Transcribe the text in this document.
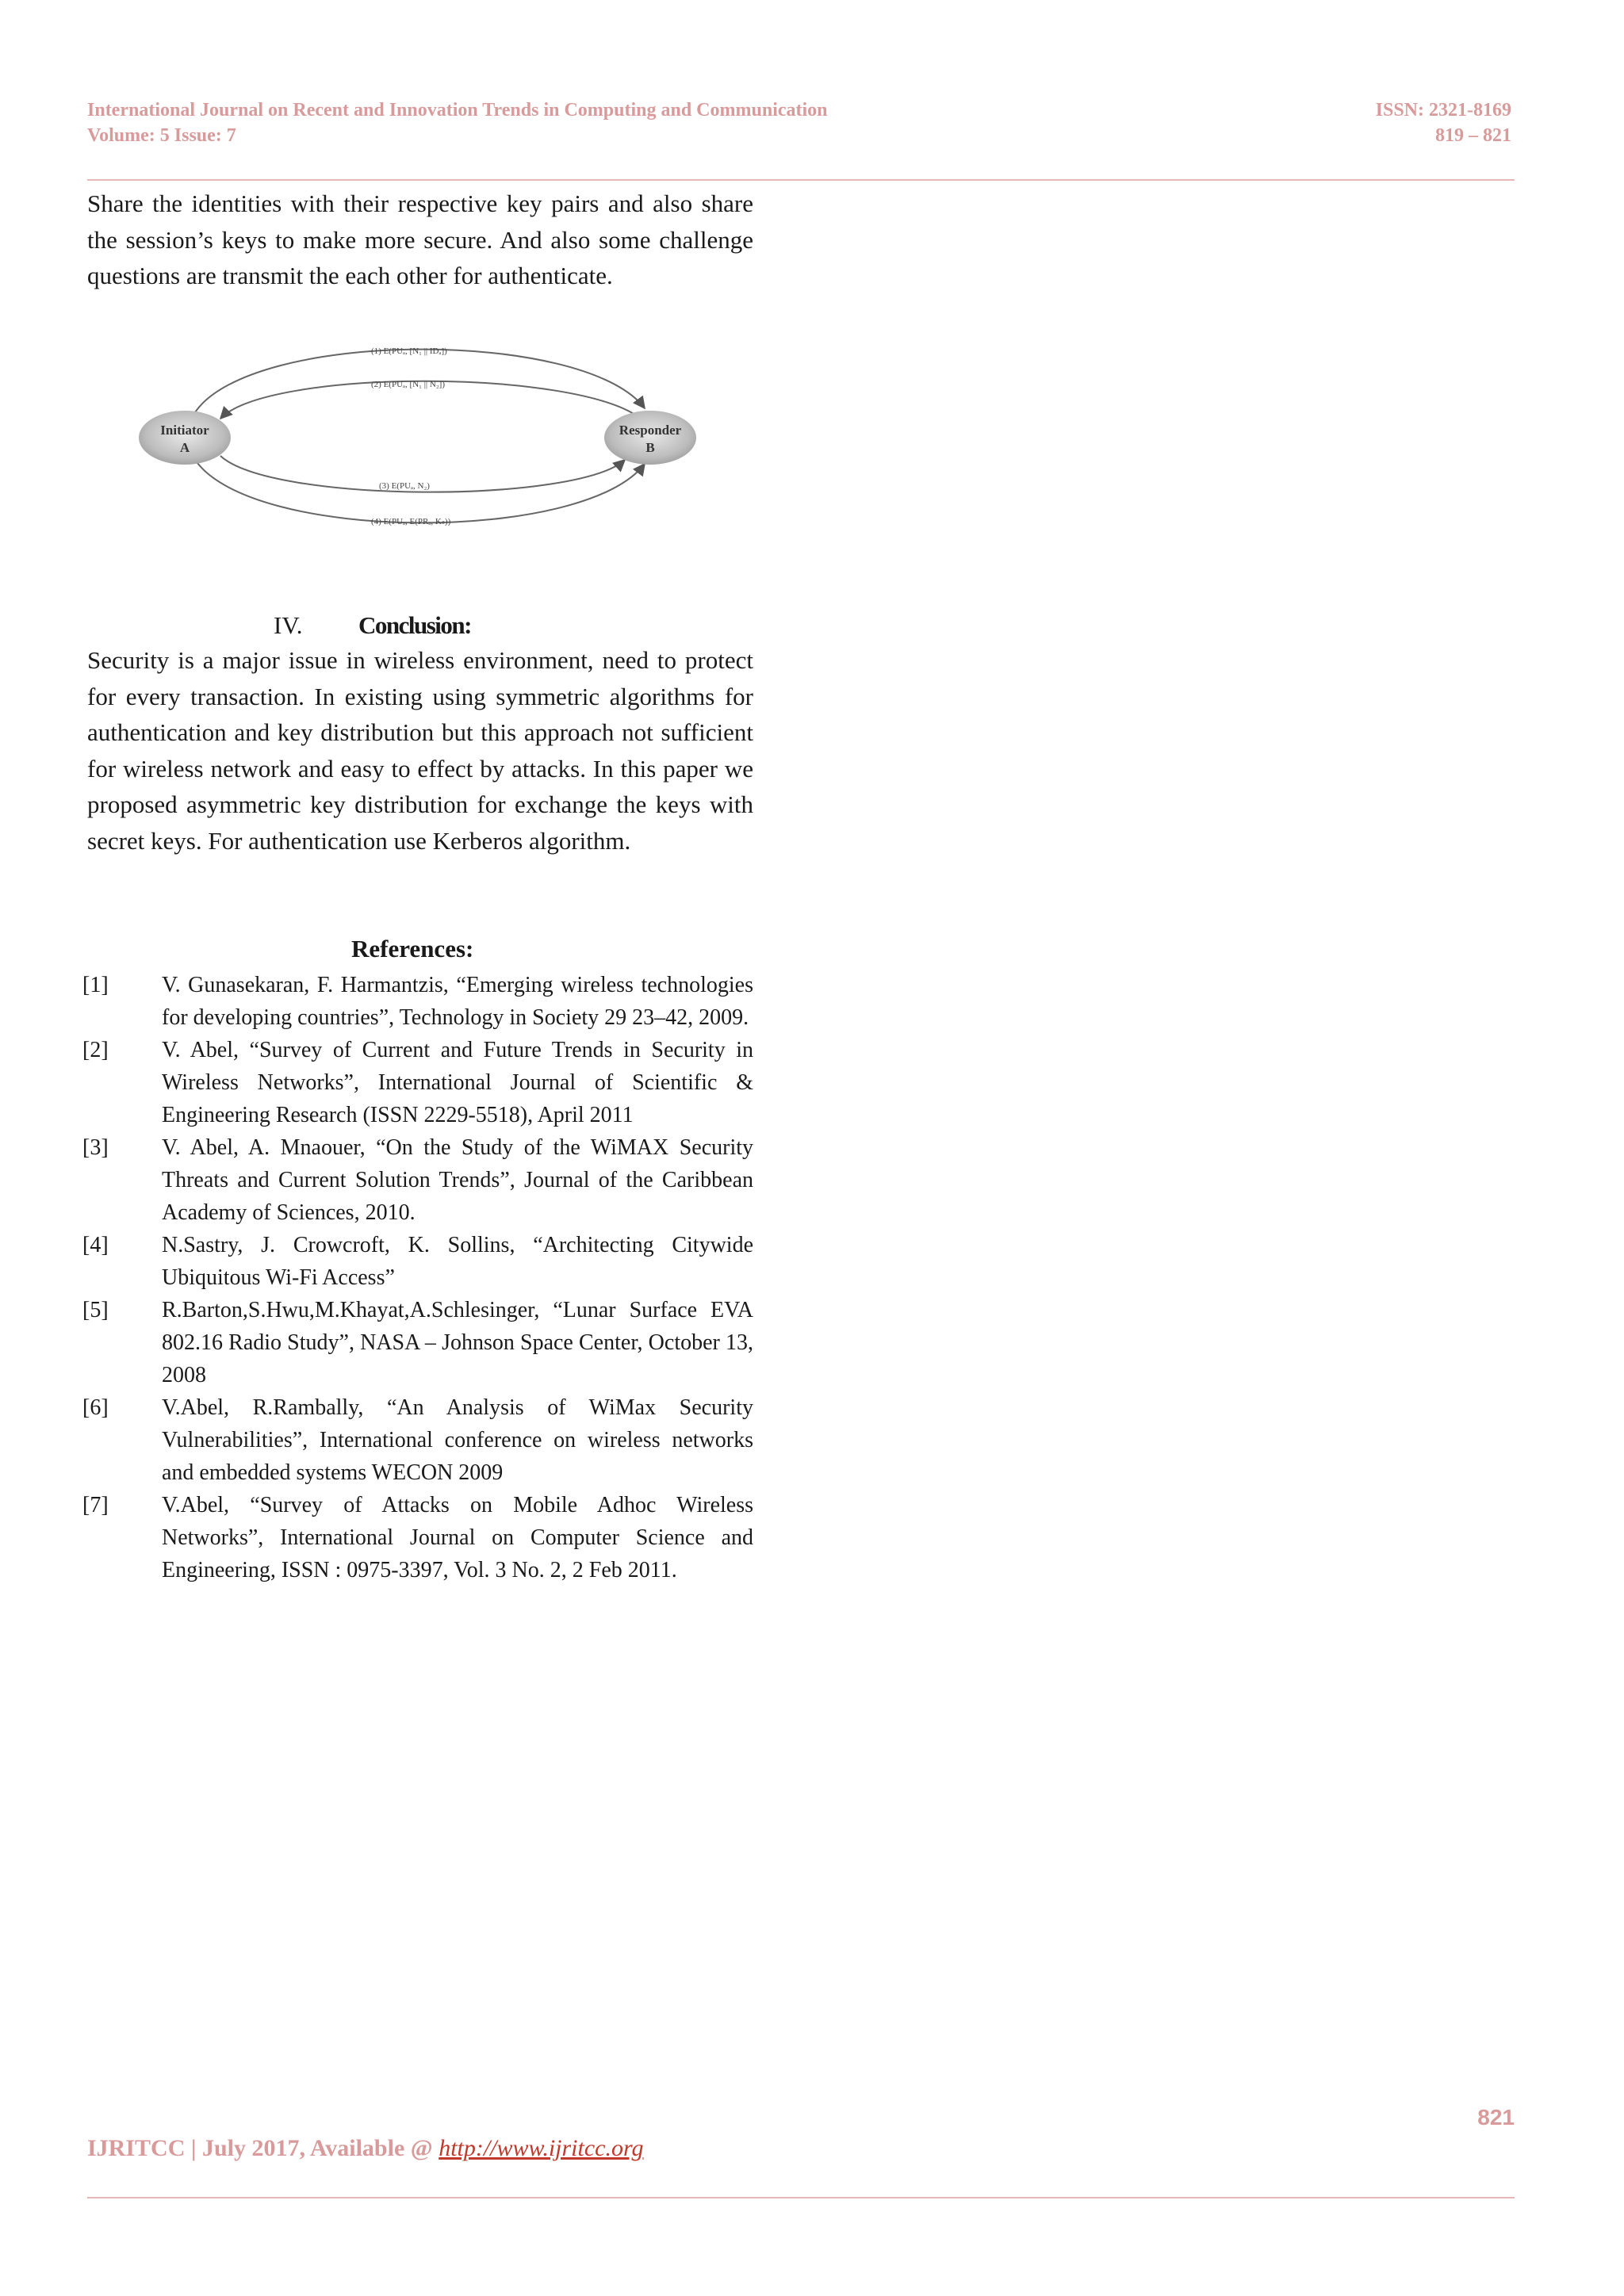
International Journal on Recent and Innovation Trends in Computing and Communication
Volume: 5 Issue: 7
ISSN: 2321-8169
819 – 821

Share the identities with their respective key pairs and also share the session’s keys to make more secure. And also some challenge questions are transmit the each other for authenticate.

(1) E(PUₐ, [N₁ || IDₐ])
(2) E(PUₐ, [N₁ || N₂])
(3) E(PUₐ, N₂)
(4) E(PUₐ, E(PRₐ, Kₛ))
Initiator
A
Responder
B
IV. Conclusion:

Security is a major issue in wireless environment, need to protect for every transaction. In existing using symmetric algorithms for authentication and key distribution but this approach not sufficient for wireless network and easy to effect by attacks. In this paper we proposed asymmetric key distribution for exchange the keys with secret keys. For authentication use Kerberos algorithm.

References:

[1] V. Gunasekaran, F. Harmantzis, “Emerging wireless technologies for developing countries”, Technology in Society 29 23–42, 2009.

[2] V. Abel, “Survey of Current and Future Trends in Security in Wireless Networks”, International Journal of Scientific & Engineering Research (ISSN 2229-5518), April 2011

[3] V. Abel, A. Mnaouer, “On the Study of the WiMAX Security Threats and Current Solution Trends”, Journal of the Caribbean Academy of Sciences, 2010.

[4] N.Sastry, J. Crowcroft, K. Sollins, “Architecting Citywide Ubiquitous Wi-Fi Access”

[5] R.Barton,S.Hwu,M.Khayat,A.Schlesinger, “Lunar Surface EVA 802.16 Radio Study”, NASA – Johnson Space Center, October 13, 2008

[6] V.Abel, R.Rambally, “An Analysis of WiMax Security Vulnerabilities”, International conference on wireless networks and embedded systems WECON 2009

[7] V.Abel, “Survey of Attacks on Mobile Adhoc Wireless Networks”, International Journal on Computer Science and Engineering, ISSN : 0975-3397, Vol. 3 No. 2, 2 Feb 2011.

821
IJRITCC | July 2017, Available @ http://www.ijritcc.org
